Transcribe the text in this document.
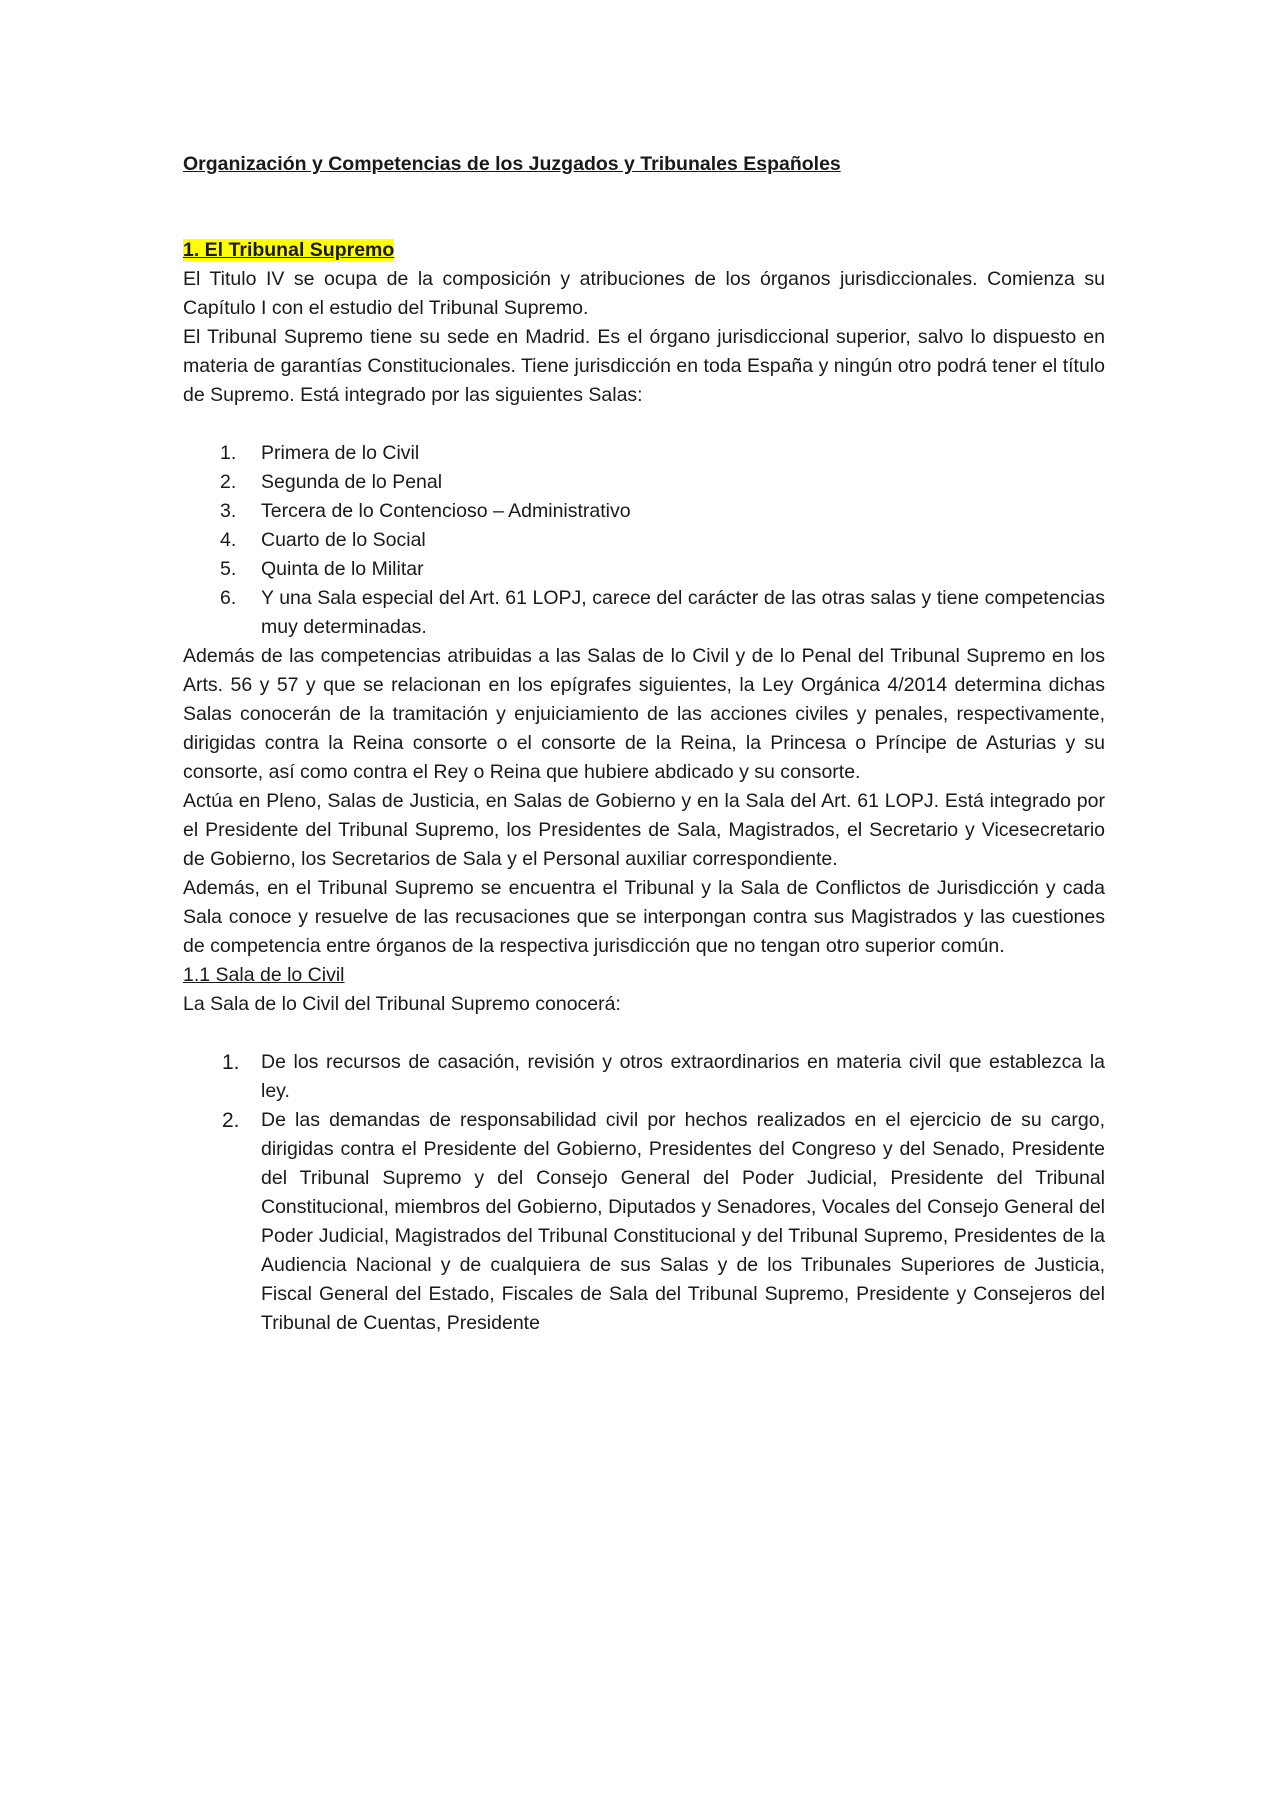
Organización y Competencias de los Juzgados y Tribunales Españoles

1. El Tribunal Supremo

El Titulo IV se ocupa de la composición y atribuciones de los órganos jurisdiccionales. Comienza su Capítulo I con el estudio del Tribunal Supremo.

El Tribunal Supremo tiene su sede en Madrid. Es el órgano jurisdiccional superior, salvo lo dispuesto en materia de garantías Constitucionales. Tiene jurisdicción en toda España y ningún otro podrá tener el título de Supremo. Está integrado por las siguientes Salas:

1. Primera de lo Civil
2. Segunda de lo Penal
3. Tercera de lo Contencioso – Administrativo
4. Cuarto de lo Social
5. Quinta de lo Militar
6. Y una Sala especial del Art. 61 LOPJ, carece del carácter de las otras salas y tiene competencias muy determinadas.

Además de las competencias atribuidas a las Salas de lo Civil y de lo Penal del Tribunal Supremo en los Arts. 56 y 57 y que se relacionan en los epígrafes siguientes, la Ley Orgánica 4/2014 determina dichas Salas conocerán de la tramitación y enjuiciamiento de las acciones civiles y penales, respectivamente, dirigidas contra la Reina consorte o el consorte de la Reina, la Princesa o Príncipe de Asturias y su consorte, así como contra el Rey o Reina que hubiere abdicado y su consorte.

Actúa en Pleno, Salas de Justicia, en Salas de Gobierno y en la Sala del Art. 61 LOPJ. Está integrado por el Presidente del Tribunal Supremo, los Presidentes de Sala, Magistrados, el Secretario y Vicesecretario de Gobierno, los Secretarios de Sala y el Personal auxiliar correspondiente.

Además, en el Tribunal Supremo se encuentra el Tribunal y la Sala de Conflictos de Jurisdicción y cada Sala conoce y resuelve de las recusaciones que se interpongan contra sus Magistrados y las cuestiones de competencia entre órganos de la respectiva jurisdicción que no tengan otro superior común.

1.1 Sala de lo Civil

La Sala de lo Civil del Tribunal Supremo conocerá:

1. De los recursos de casación, revisión y otros extraordinarios en materia civil que establezca la ley.
2. De las demandas de responsabilidad civil por hechos realizados en el ejercicio de su cargo, dirigidas contra el Presidente del Gobierno, Presidentes del Congreso y del Senado, Presidente del Tribunal Supremo y del Consejo General del Poder Judicial, Presidente del Tribunal Constitucional, miembros del Gobierno, Diputados y Senadores, Vocales del Consejo General del Poder Judicial, Magistrados del Tribunal Constitucional y del Tribunal Supremo, Presidentes de la Audiencia Nacional y de cualquiera de sus Salas y de los Tribunales Superiores de Justicia, Fiscal General del Estado, Fiscales de Sala del Tribunal Supremo, Presidente y Consejeros del Tribunal de Cuentas, Presidente
